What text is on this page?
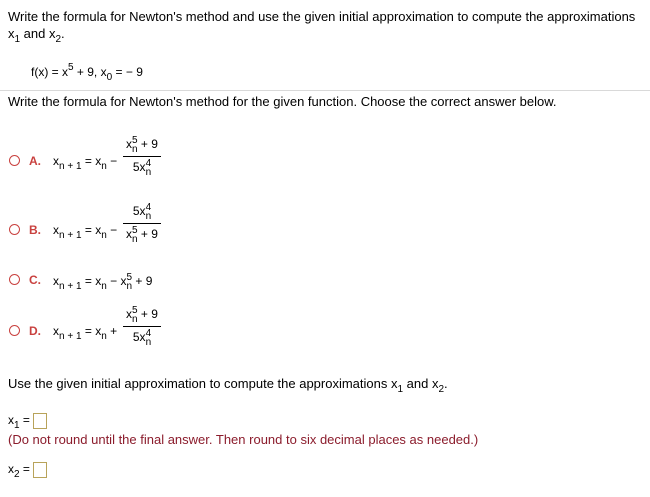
Write the formula for Newton's method and use the given initial approximation to compute the approximations
$x_1$ and $x_2$.
$f(x) = x^5 + 9$, $x_0$ = − 9
Write the formula for Newton's method for the given function. Choose the correct answer below.
A. $x_{n + 1} = x_n$ −
x 5
n + 9
5x 4
n
B. $x_{n + 1} = x_n$ −
5x 4
n
x 5
n + 9
C. $x_{n + 1} = x_n - x$ 5
n + 9
D. $x_{n + 1} = x_n$ +
x 5
n + 9
5x 4
n
Use the given initial approximation to compute the approximations $x_1$ and $x_2$.
$x_1$ =
(Do not round until the final answer. Then round to six decimal places as needed.)
$x_2$ =
